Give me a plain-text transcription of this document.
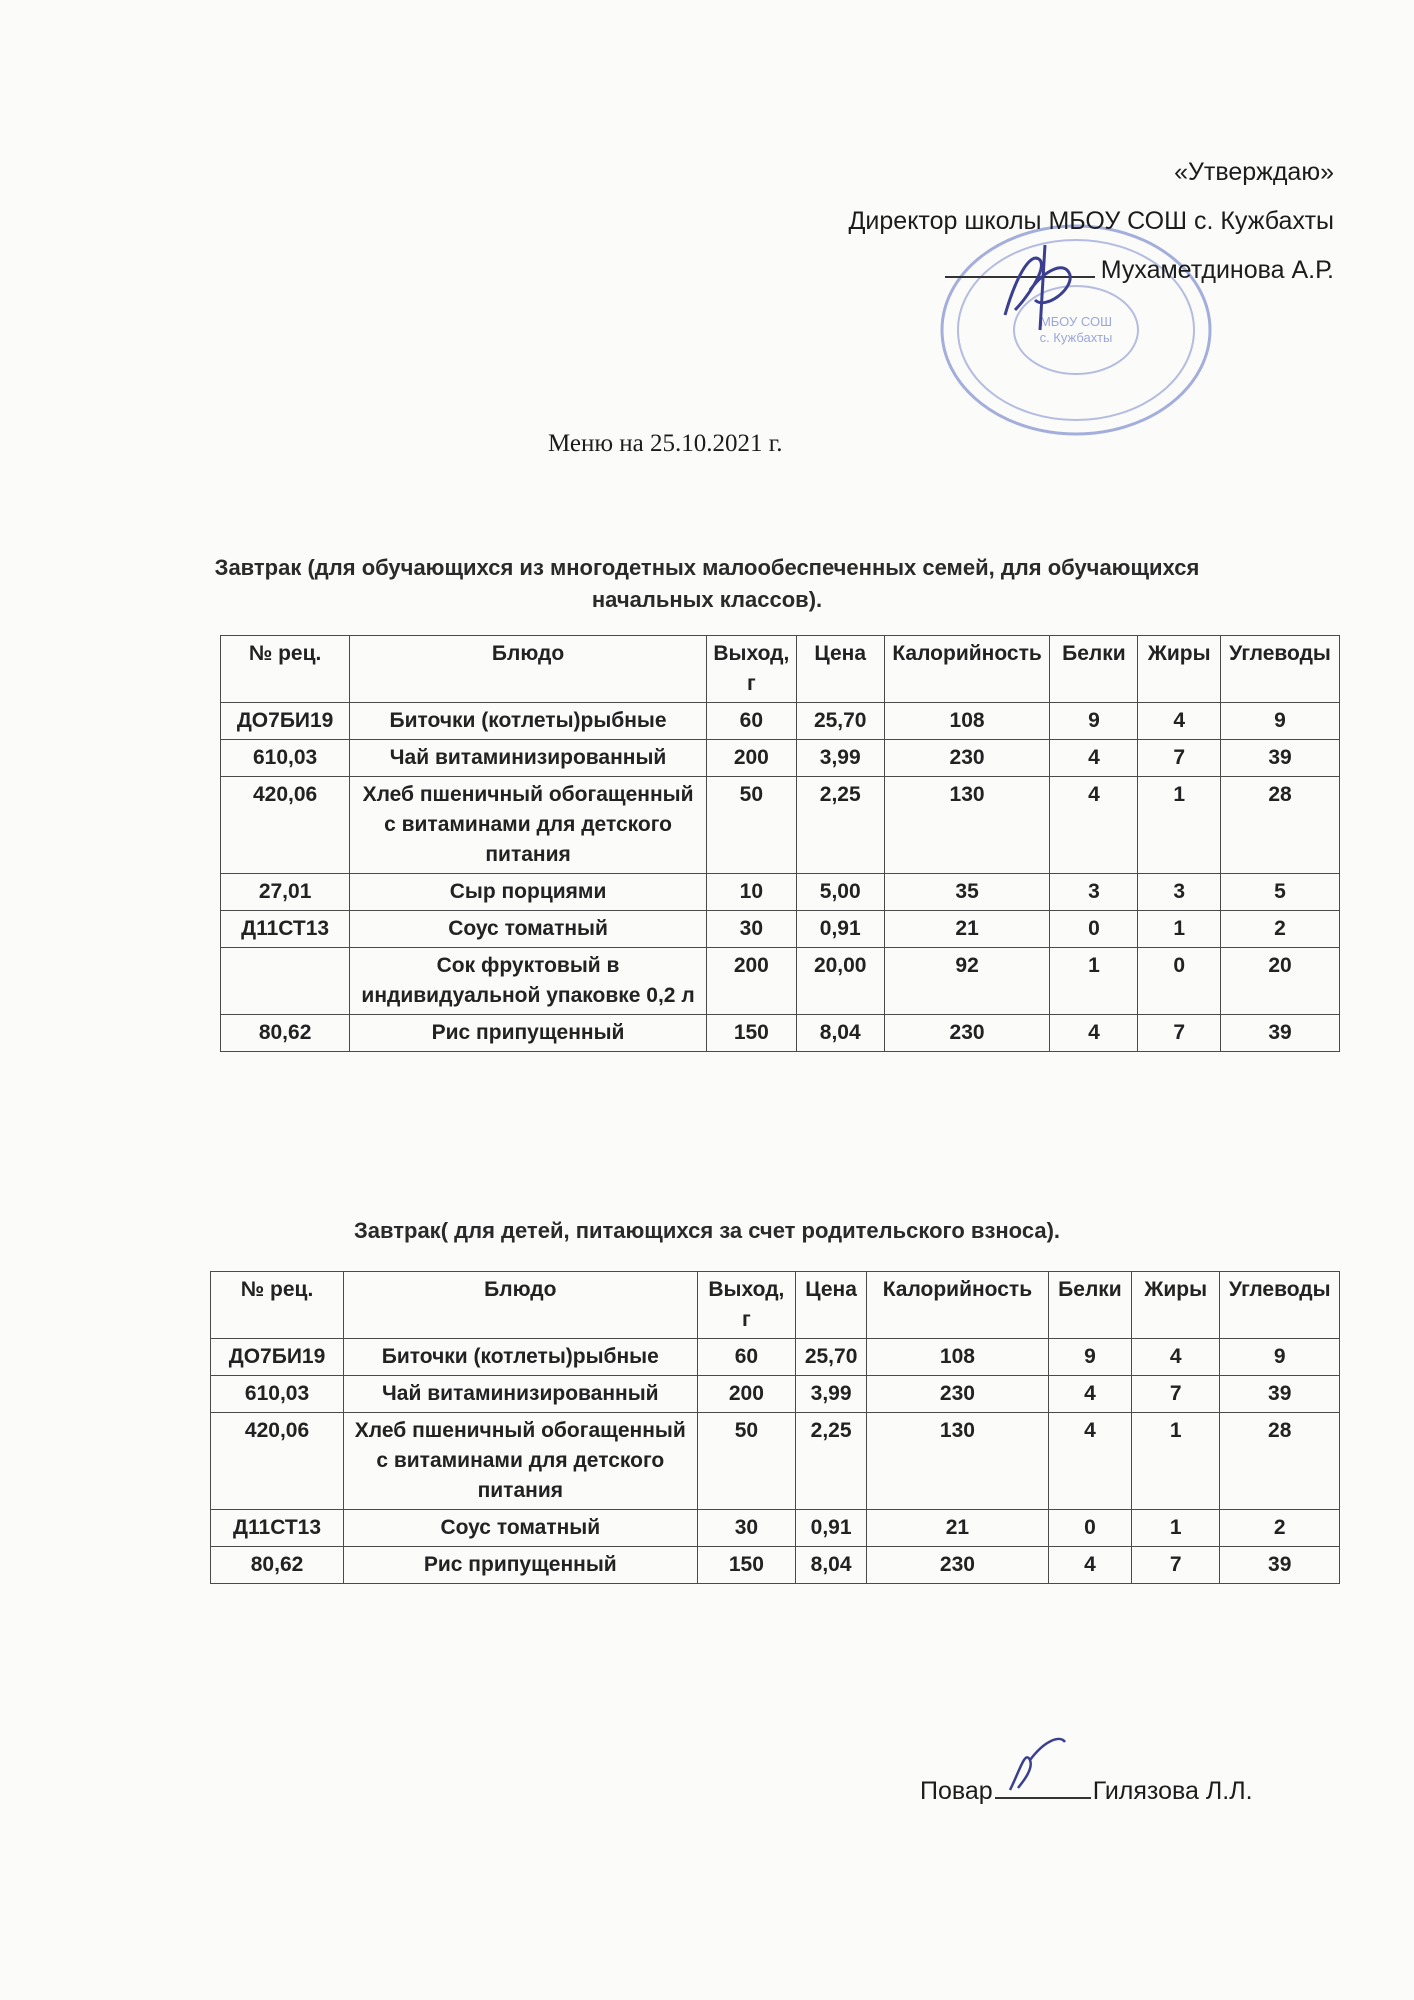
МБОУ СОШ
с. Кужбахты
«Утверждаю»
Директор школы МБОУ СОШ с. Кужбахты
Мухаметдинова А.Р.
Меню на 25.10.2021 г.
Завтрак (для обучающихся из многодетных малообеспеченных семей, для обучающихся
начальных классов).
№ рец.	Блюдо	Выход, г	Цена	Калорийность	Белки	Жиры	Углеводы
ДО7БИ19	Биточки (котлеты)рыбные	60	25,70	108	9	4	9
610,03	Чай витаминизированный	200	3,99	230	4	7	39
420,06	Хлеб пшеничный обогащенный с витаминами для детского питания	50	2,25	130	4	1	28
27,01	Сыр порциями	10	5,00	35	3	3	5
Д11СТ13	Соус томатный	30	0,91	21	0	1	2
	Сок фруктовый в индивидуальной упаковке 0,2 л	200	20,00	92	1	0	20
80,62	Рис припущенный	150	8,04	230	4	7	39
Завтрак( для детей, питающихся за счет родительского взноса).
№ рец.	Блюдо	Выход, г	Цена	Калорийность	Белки	Жиры	Углеводы
ДО7БИ19	Биточки (котлеты)рыбные	60	25,70	108	9	4	9
610,03	Чай витаминизированный	200	3,99	230	4	7	39
420,06	Хлеб пшеничный обогащенный с витаминами для детского питания	50	2,25	130	4	1	28
Д11СТ13	Соус томатный	30	0,91	21	0	1	2
80,62	Рис припущенный	150	8,04	230	4	7	39
Повар	Гилязова Л.Л.
